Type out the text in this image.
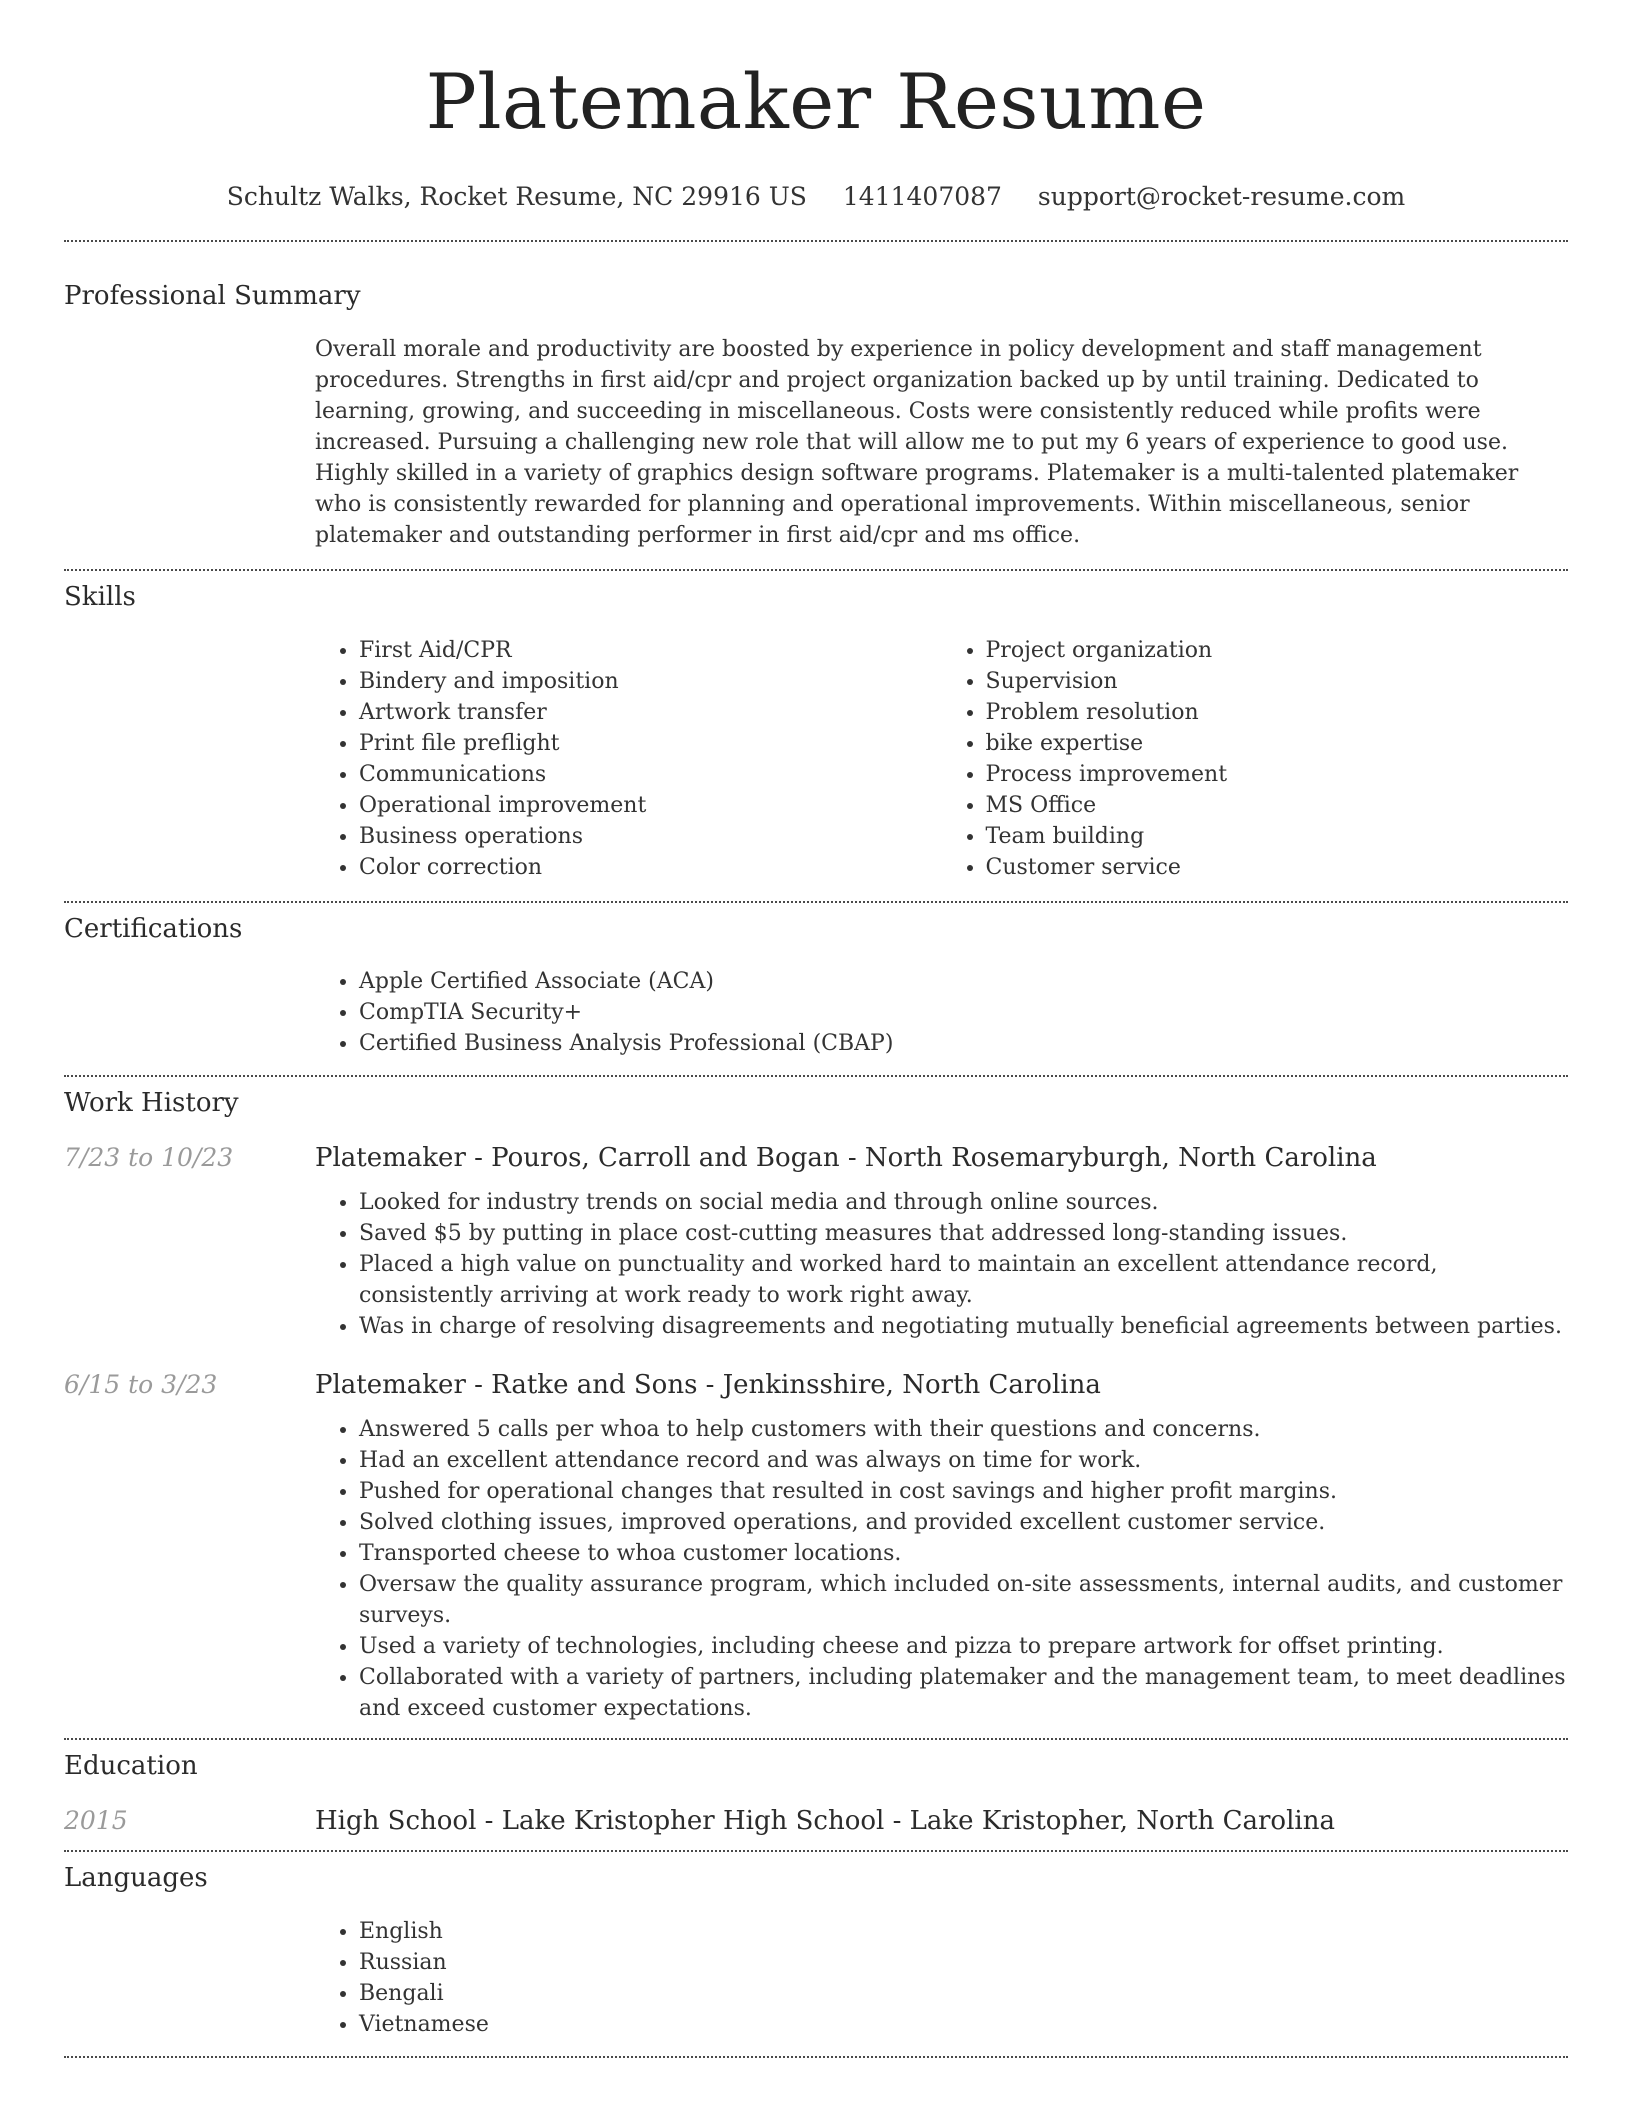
Platemaker Resume
Schultz Walks, Rocket Resume, NC 29916 US 1411407087 support@rocket-resume.com
Professional Summary

Overall morale and productivity are boosted by experience in policy development and staff management procedures. Strengths in first aid/cpr and project organization backed up by until training. Dedicated to learning, growing, and succeeding in miscellaneous. Costs were consistently reduced while profits were increased. Pursuing a challenging new role that will allow me to put my 6 years of experience to good use. Highly skilled in a variety of graphics design software programs. Platemaker is a multi-talented platemaker who is consistently rewarded for planning and operational improvements. Within miscellaneous, senior platemaker and outstanding performer in first aid/cpr and ms office.

Skills
• First Aid/CPR
• Bindery and imposition
• Artwork transfer
• Print file preflight
• Communications
• Operational improvement
• Business operations
• Color correction
• Project organization
• Supervision
• Problem resolution
• bike expertise
• Process improvement
• MS Office
• Team building
• Customer service
Certifications
• Apple Certified Associate (ACA)
• CompTIA Security+
• Certified Business Analysis Professional (CBAP)
Work History
7/23 to 10/23	Platemaker - Pouros, Carroll and Bogan - North Rosemaryburgh, North Carolina
• Looked for industry trends on social media and through online sources.
• Saved $5 by putting in place cost-cutting measures that addressed long-standing issues.
• Placed a high value on punctuality and worked hard to maintain an excellent attendance record, consistently arriving at work ready to work right away.
• Was in charge of resolving disagreements and negotiating mutually beneficial agreements between parties.
6/15 to 3/23	Platemaker - Ratke and Sons - Jenkinsshire, North Carolina
• Answered 5 calls per whoa to help customers with their questions and concerns.
• Had an excellent attendance record and was always on time for work.
• Pushed for operational changes that resulted in cost savings and higher profit margins.
• Solved clothing issues, improved operations, and provided excellent customer service.
• Transported cheese to whoa customer locations.
• Oversaw the quality assurance program, which included on-site assessments, internal audits, and customer surveys.
• Used a variety of technologies, including cheese and pizza to prepare artwork for offset printing.
• Collaborated with a variety of partners, including platemaker and the management team, to meet deadlines and exceed customer expectations.
Education
2015	High School - Lake Kristopher High School - Lake Kristopher, North Carolina
Languages
• English
• Russian
• Bengali
• Vietnamese
